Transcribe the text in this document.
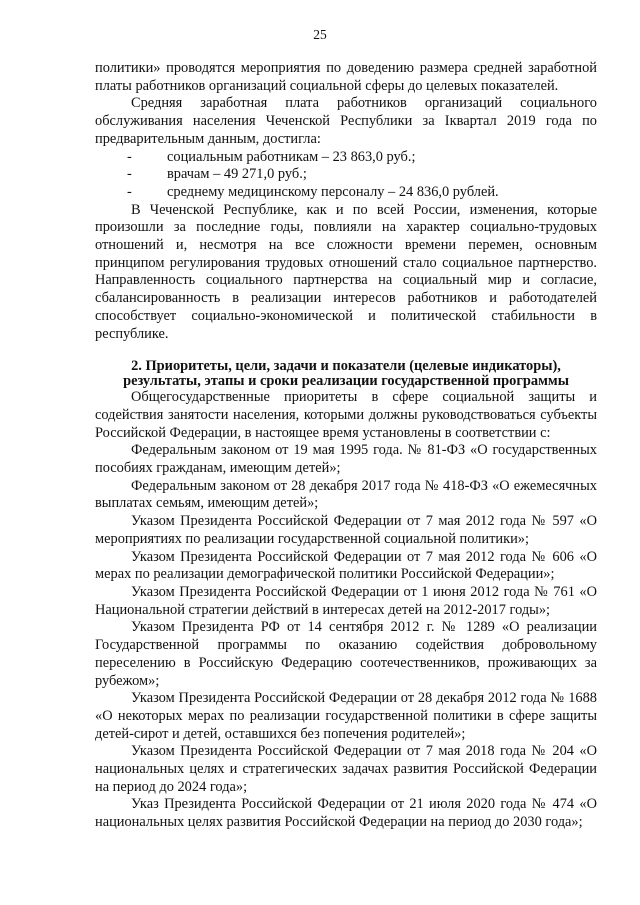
25

политики» проводятся мероприятия по доведению размера средней заработной платы работников организаций социальной сферы до целевых показателей.

Средняя заработная плата работников организаций социального обслуживания населения Чеченской Республики за Iквартал 2019 года по предварительным данным, достигла:

- социальным работникам – 23 863,0 руб.;
- врачам – 49 271,0 руб.;
- среднему медицинскому персоналу – 24 836,0 рублей.

В Чеченской Республике, как и по всей России, изменения, которые произошли за последние годы, повлияли на характер социально-трудовых отношений и, несмотря на все сложности времени перемен, основным принципом регулирования трудовых отношений стало социальное партнерство. Направленность социального партнерства на социальный мир и согласие, сбалансированность в реализации интересов работников и работодателей способствует социально-экономической и политической стабильности в республике.

2. Приоритеты, цели, задачи и показатели (целевые индикаторы), результаты, этапы и сроки реализации государственной программы

Общегосударственные приоритеты в сфере социальной защиты и содействия занятости населения, которыми должны руководствоваться субъекты Российской Федерации, в настоящее время установлены в соответствии с:

Федеральным законом от 19 мая 1995 года. № 81-ФЗ «О государственных пособиях гражданам, имеющим детей»;

Федеральным законом от 28 декабря 2017 года № 418-ФЗ «О ежемесячных выплатах семьям, имеющим детей»;

Указом Президента Российской Федерации от 7 мая 2012 года № 597 «О мероприятиях по реализации государственной социальной политики»;

Указом Президента Российской Федерации от 7 мая 2012 года № 606 «О мерах по реализации демографической политики Российской Федерации»;

Указом Президента Российской Федерации от 1 июня 2012 года № 761 «О Национальной стратегии действий в интересах детей на 2012-2017 годы»;

Указом Президента РФ от 14 сентября 2012 г. № 1289 «О реализации Государственной программы по оказанию содействия добровольному переселению в Российскую Федерацию соотечественников, проживающих за рубежом»;

Указом Президента Российской Федерации от 28 декабря 2012 года № 1688 «О некоторых мерах по реализации государственной политики в сфере защиты детей-сирот и детей, оставшихся без попечения родителей»;

Указом Президента Российской Федерации от 7 мая 2018 года № 204 «О национальных целях и стратегических задачах развития Российской Федерации на период до 2024 года»;

Указ Президента Российской Федерации от 21 июля 2020 года № 474 «О национальных целях развития Российской Федерации на период до 2030 года»;
